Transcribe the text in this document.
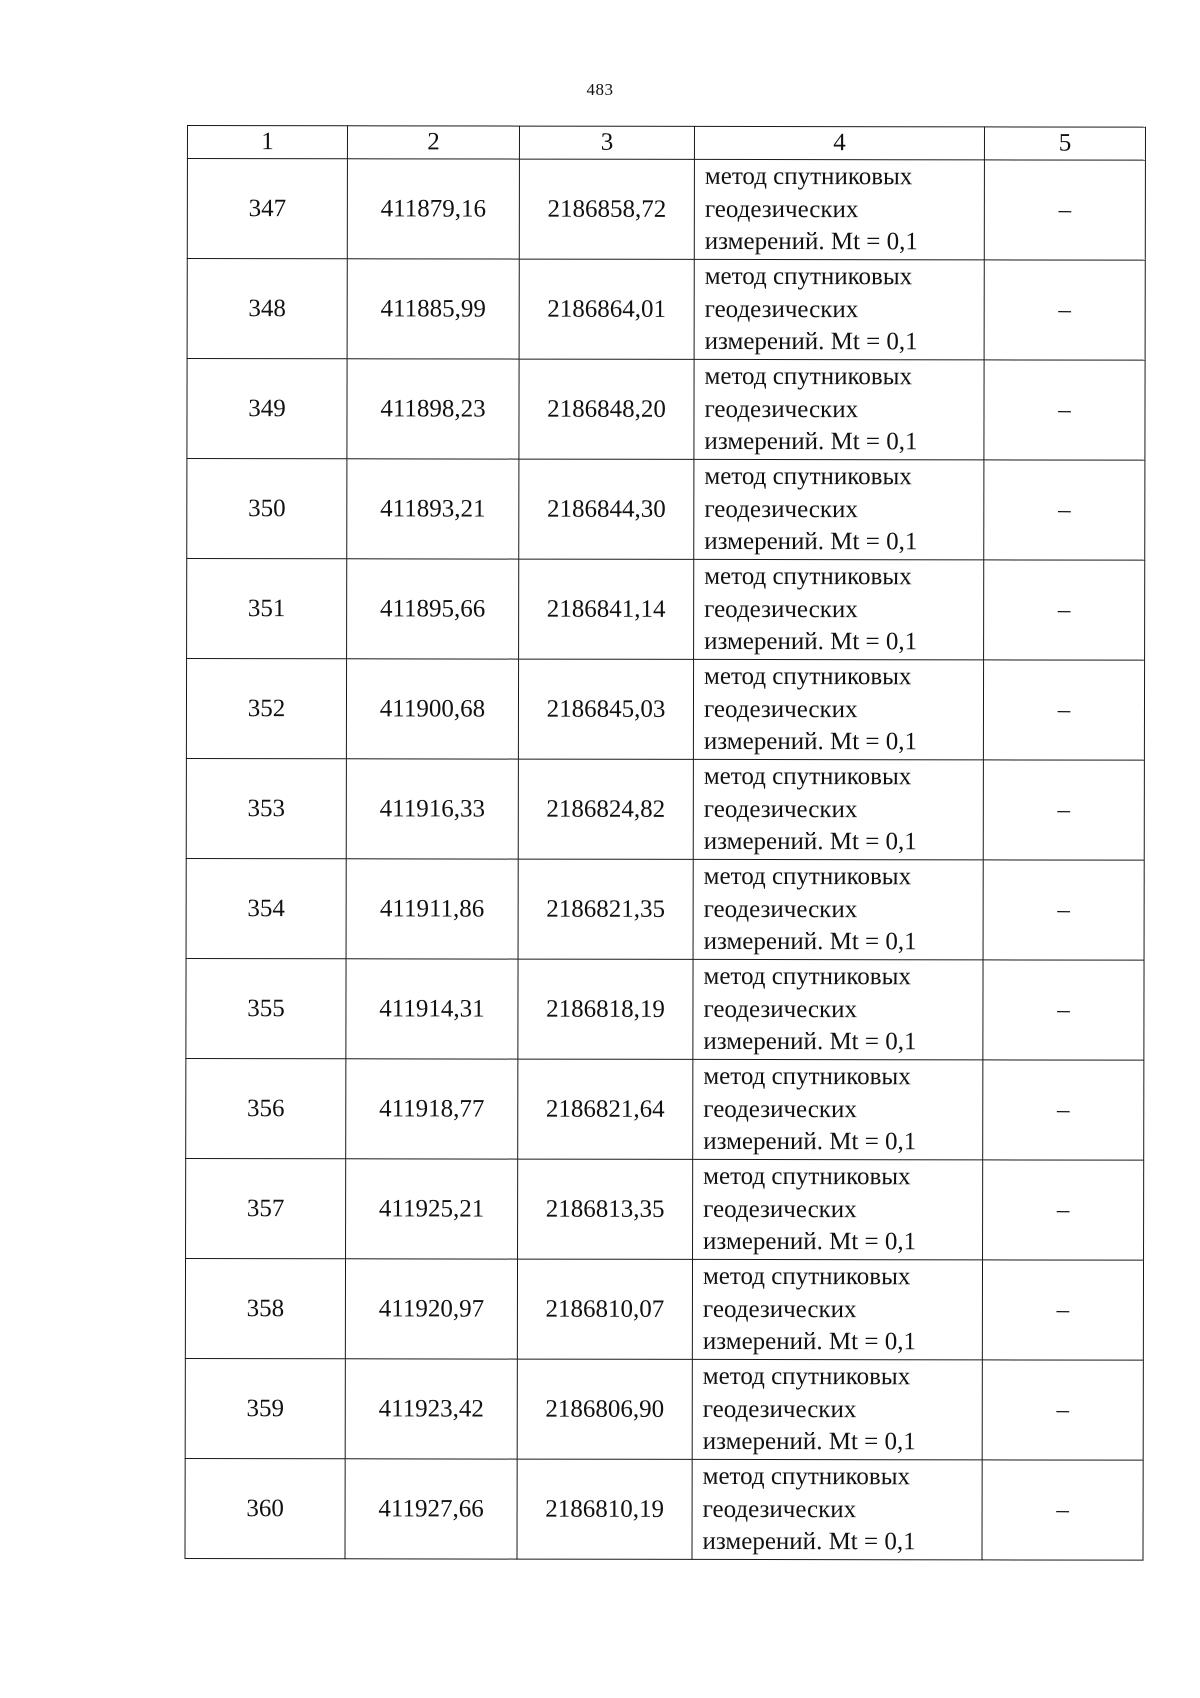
483
1	2	3	4	5
347	411879,16	2186858,72	метод спутниковых
геодезических
измерений. Mt = 0,1	–
348	411885,99	2186864,01	метод спутниковых
геодезических
измерений. Mt = 0,1	–
349	411898,23	2186848,20	метод спутниковых
геодезических
измерений. Mt = 0,1	–
350	411893,21	2186844,30	метод спутниковых
геодезических
измерений. Mt = 0,1	–
351	411895,66	2186841,14	метод спутниковых
геодезических
измерений. Mt = 0,1	–
352	411900,68	2186845,03	метод спутниковых
геодезических
измерений. Mt = 0,1	–
353	411916,33	2186824,82	метод спутниковых
геодезических
измерений. Mt = 0,1	–
354	411911,86	2186821,35	метод спутниковых
геодезических
измерений. Mt = 0,1	–
355	411914,31	2186818,19	метод спутниковых
геодезических
измерений. Mt = 0,1	–
356	411918,77	2186821,64	метод спутниковых
геодезических
измерений. Mt = 0,1	–
357	411925,21	2186813,35	метод спутниковых
геодезических
измерений. Mt = 0,1	–
358	411920,97	2186810,07	метод спутниковых
геодезических
измерений. Mt = 0,1	–
359	411923,42	2186806,90	метод спутниковых
геодезических
измерений. Mt = 0,1	–
360	411927,66	2186810,19	метод спутниковых
геодезических
измерений. Mt = 0,1	–
